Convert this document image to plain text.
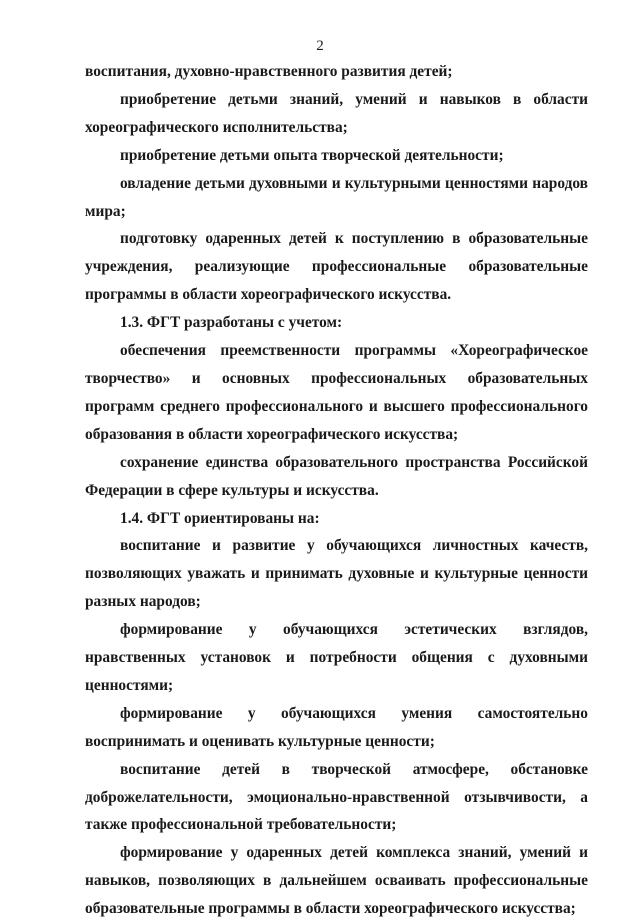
2

воспитания, духовно-нравственного развития детей;

приобретение детьми знаний, умений и навыков в области хореографического исполнительства;

приобретение детьми опыта творческой деятельности;

овладение детьми духовными и культурными ценностями народов мира;

подготовку одаренных детей к поступлению в образовательные учреждения, реализующие профессиональные образовательные программы в области хореографического искусства.

1.3. ФГТ разработаны с учетом:

обеспечения преемственности программы «Хореографическое творчество» и основных профессиональных образовательных программ среднего профессионального и высшего профессионального образования в области хореографического искусства;

сохранение единства образовательного пространства Российской Федерации в сфере культуры и искусства.

1.4. ФГТ ориентированы на:

воспитание и развитие у обучающихся личностных качеств, позволяющих уважать и принимать духовные и культурные ценности разных народов;

формирование у обучающихся эстетических взглядов, нравственных установок и потребности общения с духовными ценностями;

формирование у обучающихся умения самостоятельно воспринимать и оценивать культурные ценности;

воспитание детей в творческой атмосфере, обстановке доброжелательности, эмоционально-нравственной отзывчивости, а также профессиональной требовательности;

формирование у одаренных детей комплекса знаний, умений и навыков, позволяющих в дальнейшем осваивать профессиональные образовательные программы в области хореографического искусства;
